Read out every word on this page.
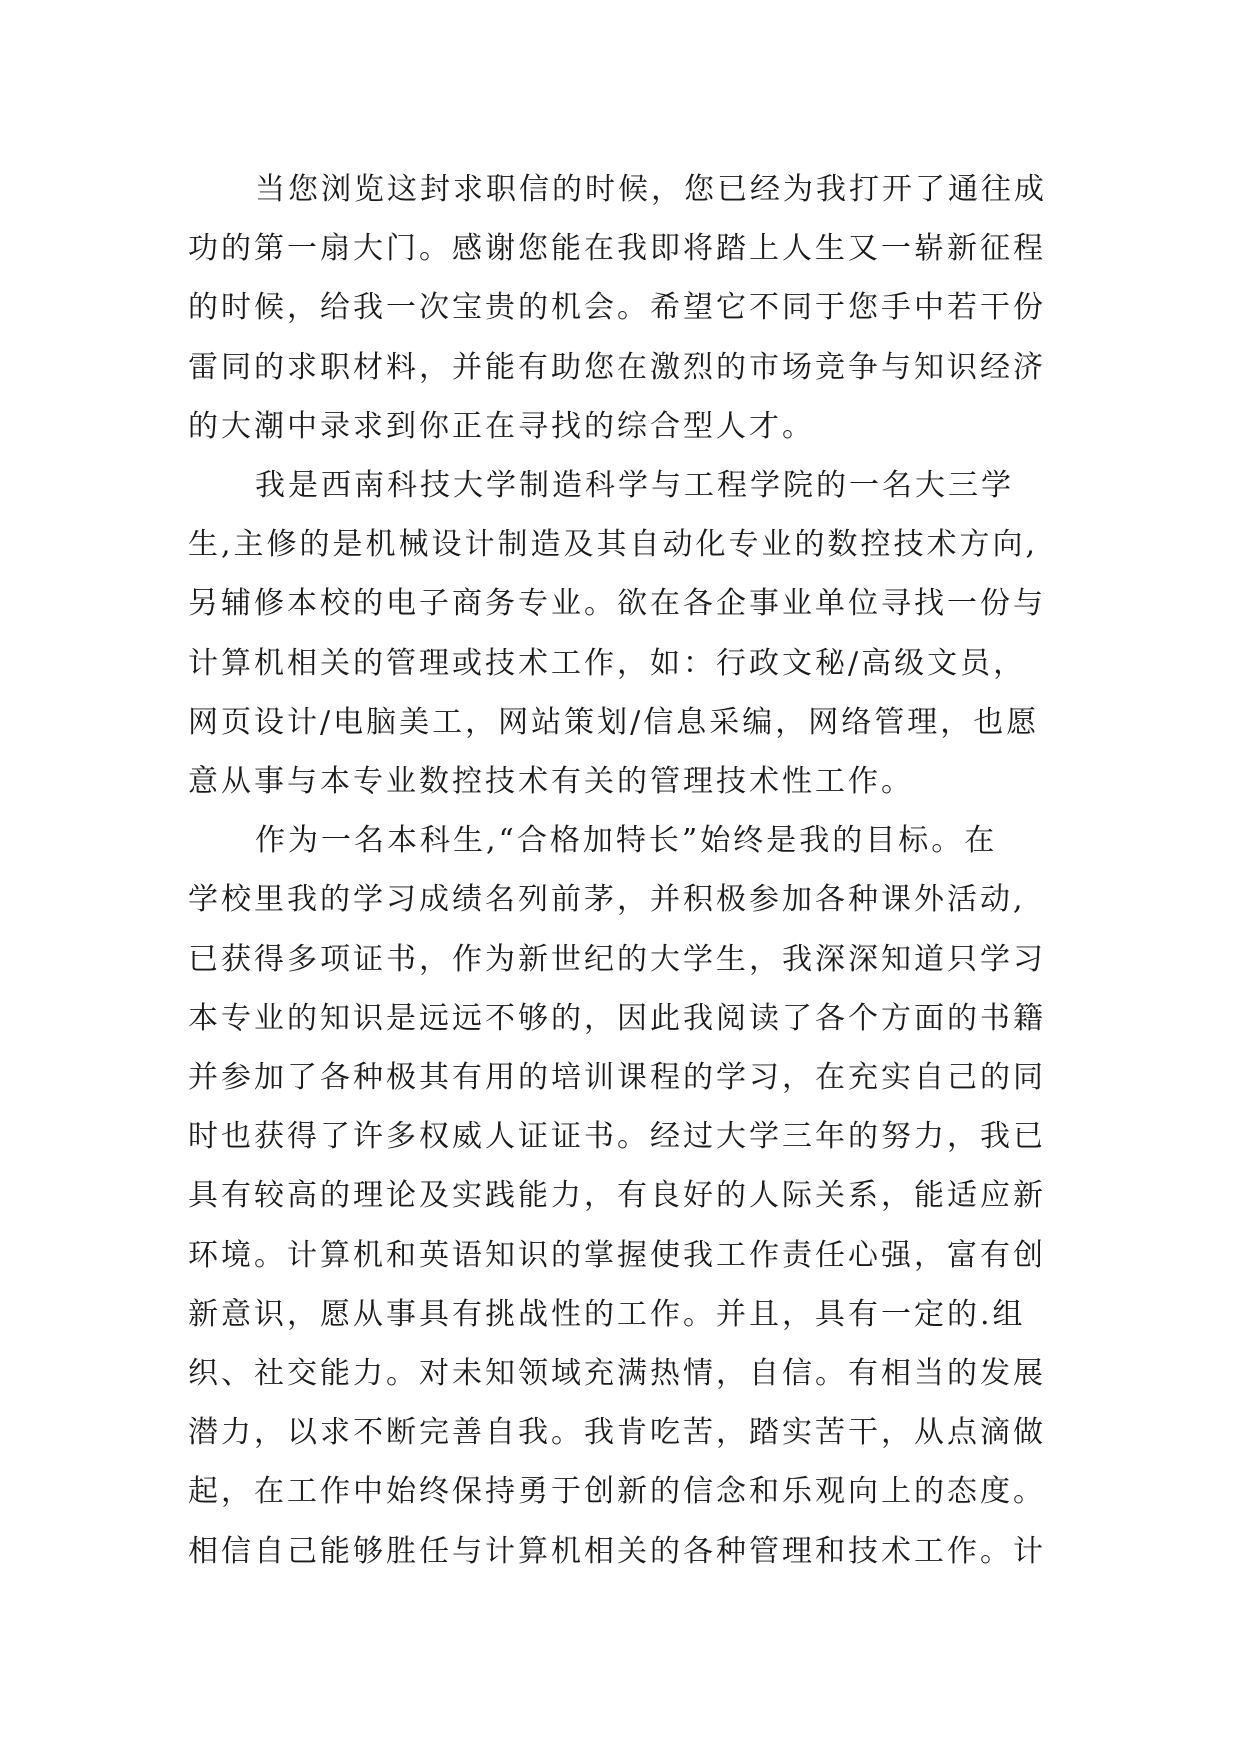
当您浏览这封求职信的时候，您已经为我打开了通往成
功的第一扇大门。感谢您能在我即将踏上人生又一崭新征程
的时候，给我一次宝贵的机会。希望它不同于您手中若干份
雷同的求职材料，并能有助您在激烈的市场竞争与知识经济
的大潮中录求到你正在寻找的综合型人才。
我是西南科技大学制造科学与工程学院的一名大三学
生,主修的是机械设计制造及其自动化专业的数控技术方向,
另辅修本校的电子商务专业。欲在各企事业单位寻找一份与
计算机相关的管理或技术工作，如：行政文秘/高级文员，
网页设计/电脑美工，网站策划/信息采编，网络管理，也愿
意从事与本专业数控技术有关的管理技术性工作。
作为一名本科生,“合格加特长”始终是我的目标。在
学校里我的学习成绩名列前茅，并积极参加各种课外活动,
已获得多项证书，作为新世纪的大学生，我深深知道只学习
本专业的知识是远远不够的，因此我阅读了各个方面的书籍
并参加了各种极其有用的培训课程的学习，在充实自己的同
时也获得了许多权威人证证书。经过大学三年的努力，我已
具有较高的理论及实践能力，有良好的人际关系，能适应新
环境。计算机和英语知识的掌握使我工作责任心强，富有创
新意识，愿从事具有挑战性的工作。并且，具有一定的.组
织、社交能力。对未知领域充满热情，自信。有相当的发展
潜力，以求不断完善自我。我肯吃苦，踏实苦干，从点滴做
起，在工作中始终保持勇于创新的信念和乐观向上的态度。
相信自己能够胜任与计算机相关的各种管理和技术工作。计
